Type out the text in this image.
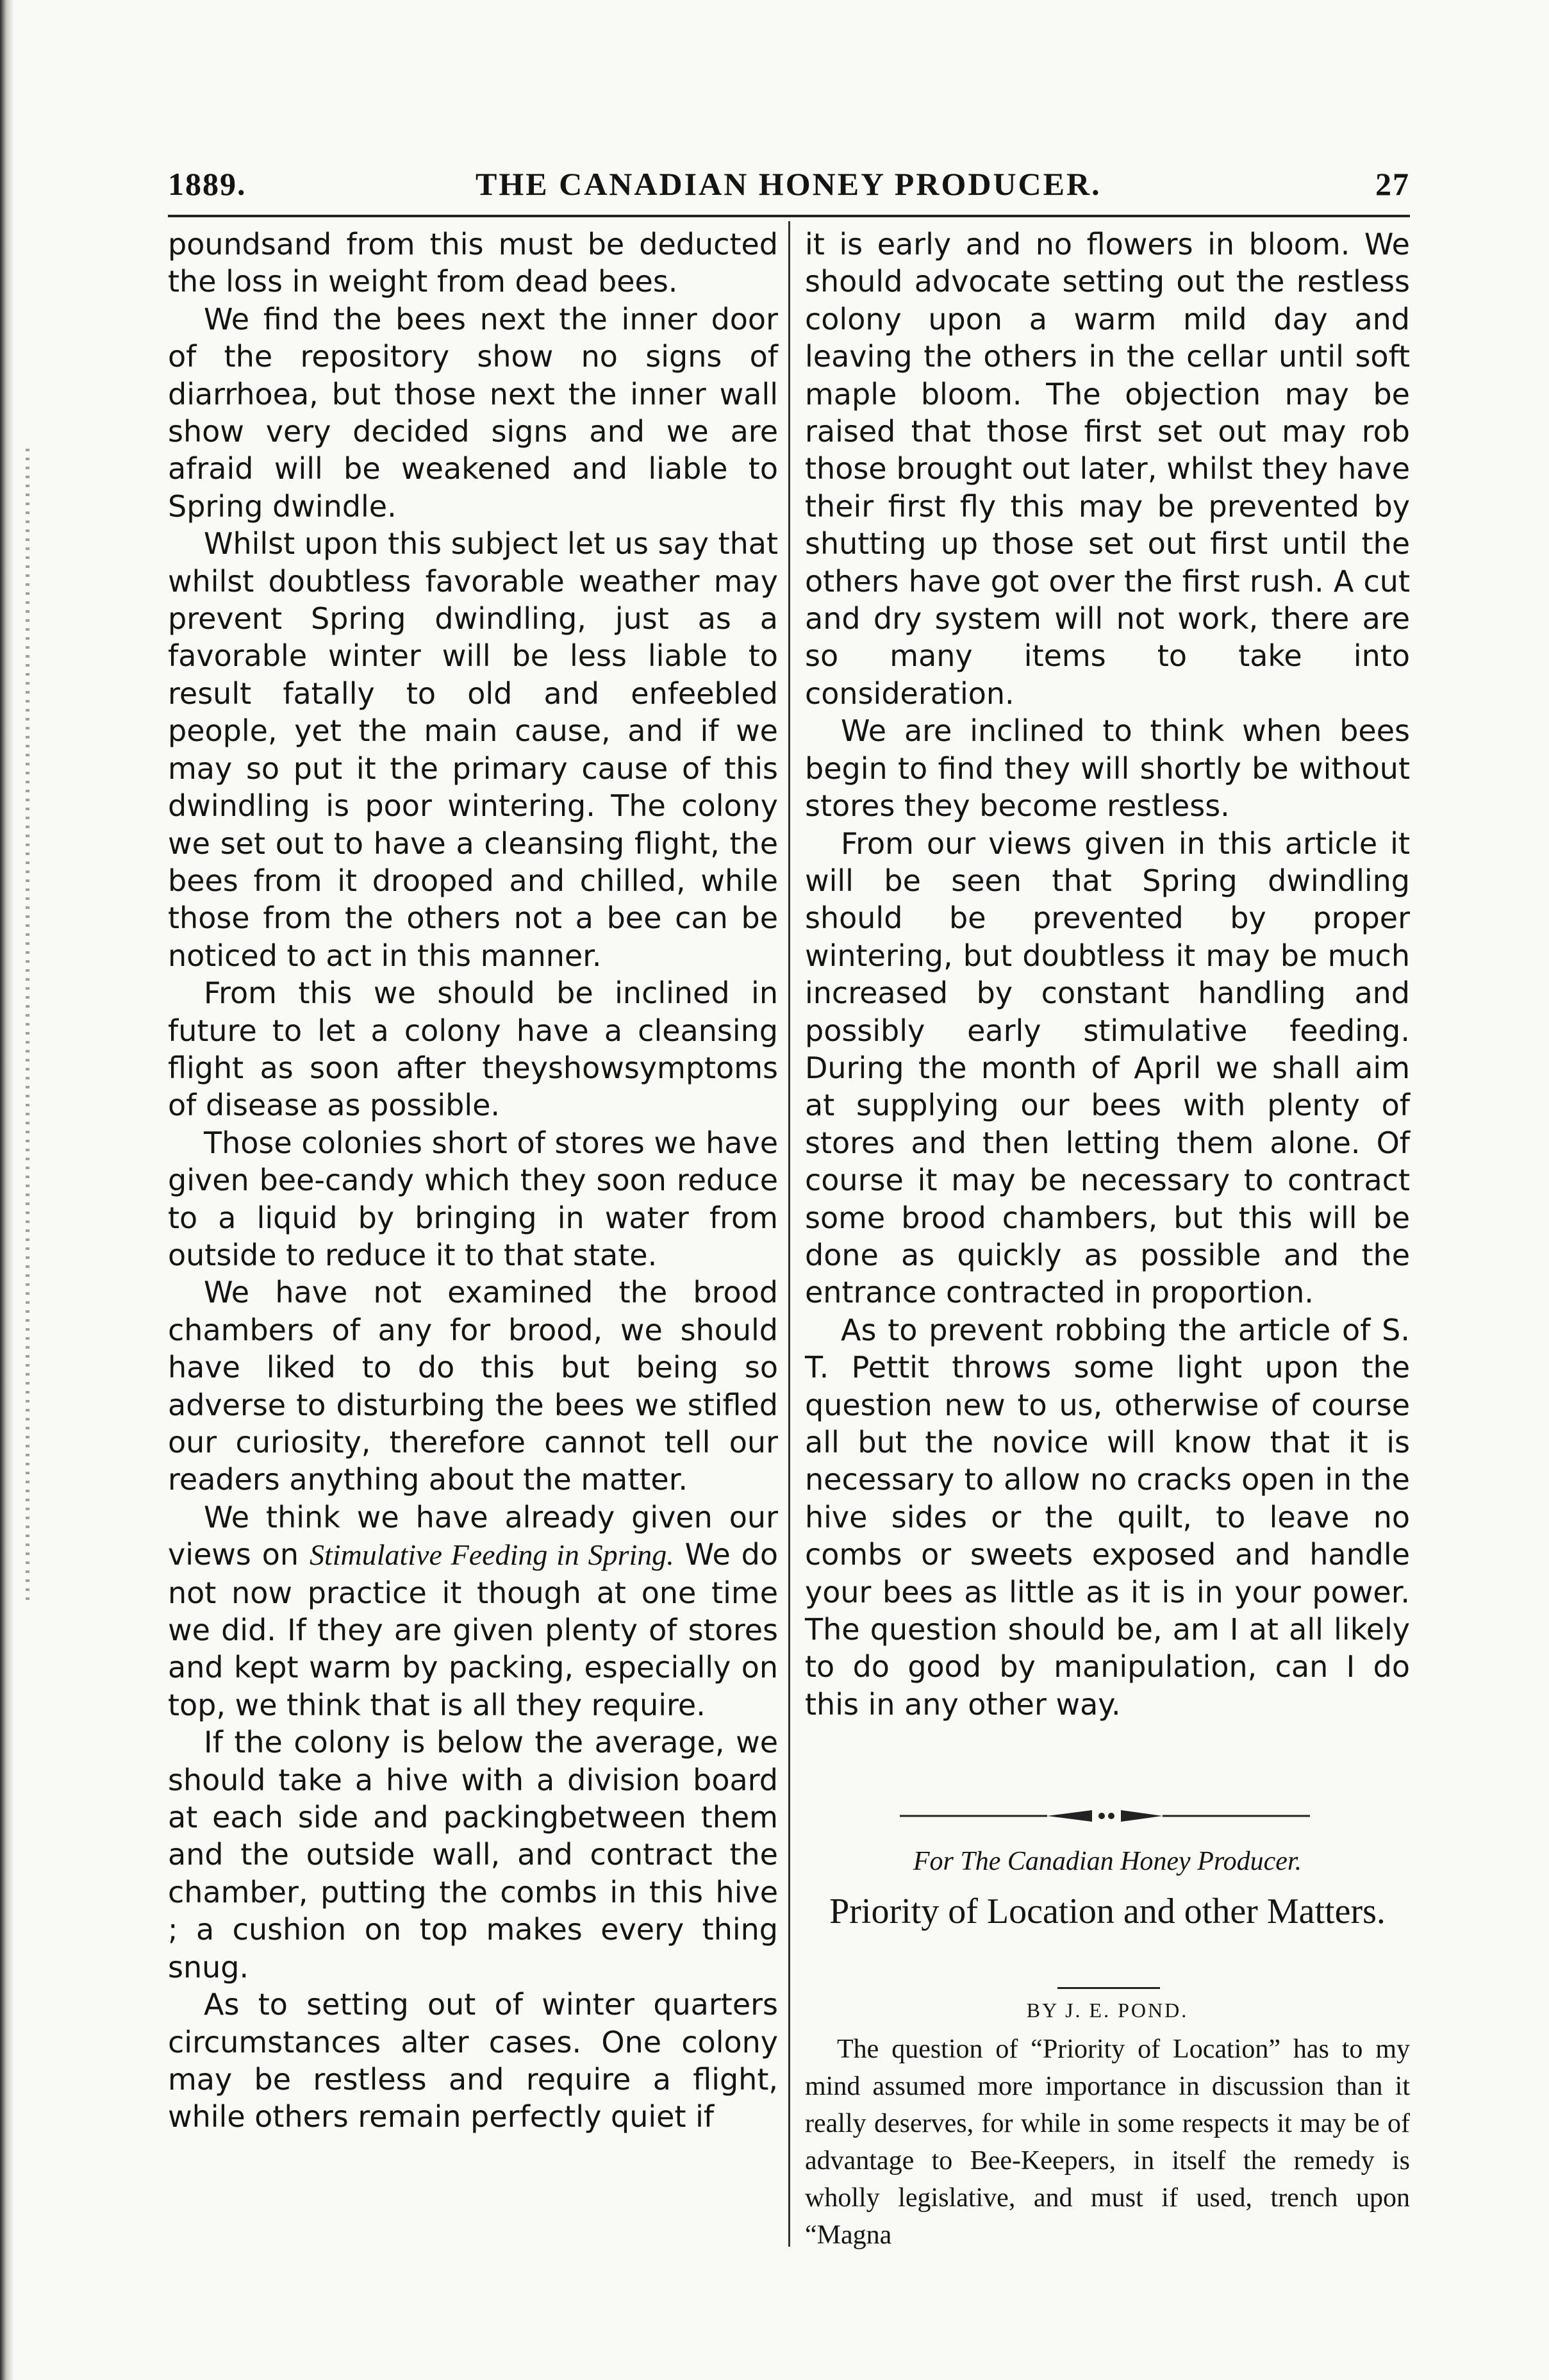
1889.	THE CANADIAN HONEY PRODUCER.	27

poundsand from this must be deducted the loss in weight from dead bees.

We find the bees next the inner door of the repository show no signs of diarrhoea, but those next the inner wall show very decided signs and we are afraid will be weakened and liable to Spring dwindle.

Whilst upon this subject let us say that whilst doubtless favorable weather may prevent Spring dwindling, just as a favorable winter will be less liable to result fatally to old and enfeebled people, yet the main cause, and if we may so put it the primary cause of this dwindling is poor wintering. The colony we set out to have a cleansing flight, the bees from it drooped and chilled, while those from the others not a bee can be noticed to act in this manner.

From this we should be inclined in future to let a colony have a cleansing flight as soon after theyshowsymptoms of disease as possible.

Those colonies short of stores we have given bee-candy which they soon reduce to a liquid by bringing in water from outside to reduce it to that state.

We have not examined the brood chambers of any for brood, we should have liked to do this but being so adverse to disturbing the bees we stifled our curiosity, therefore cannot tell our readers anything about the matter.

We think we have already given our views on Stimulative Feeding in Spring. We do not now practice it though at one time we did. If they are given plenty of stores and kept warm by packing, especially on top, we think that is all they require.

If the colony is below the average, we should take a hive with a division board at each side and packingbetween them and the outside wall, and contract the chamber, putting the combs in this hive ; a cushion on top makes every thing snug.

As to setting out of winter quarters circumstances alter cases. One colony may be restless and require a flight, while others remain perfectly quiet if

it is early and no flowers in bloom. We should advocate setting out the restless colony upon a warm mild day and leaving the others in the cellar until soft maple bloom. The objection may be raised that those first set out may rob those brought out later, whilst they have their first fly this may be prevented by shutting up those set out first until the others have got over the first rush. A cut and dry system will not work, there are so many items to take into consideration.

We are inclined to think when bees begin to find they will shortly be without stores they become restless.

From our views given in this article it will be seen that Spring dwindling should be prevented by proper wintering, but doubtless it may be much increased by constant handling and possibly early stimulative feeding. During the month of April we shall aim at supplying our bees with plenty of stores and then letting them alone. Of course it may be necessary to contract some brood chambers, but this will be done as quickly as possible and the entrance contracted in proportion.

As to prevent robbing the article of S. T. Pettit throws some light upon the question new to us, otherwise of course all but the novice will know that it is necessary to allow no cracks open in the hive sides or the quilt, to leave no combs or sweets exposed and handle your bees as little as it is in your power. The question should be, am I at all likely to do good by manipulation, can I do this in any other way.

For The Canadian Honey Producer.
Priority of Location and other Matters.
BY J. E. POND.

The question of “Priority of Location” has to my mind assumed more importance in discussion than it really deserves, for while in some respects it may be of advantage to Bee-Keepers, in itself the remedy is wholly legislative, and must if used, trench upon “Magna
